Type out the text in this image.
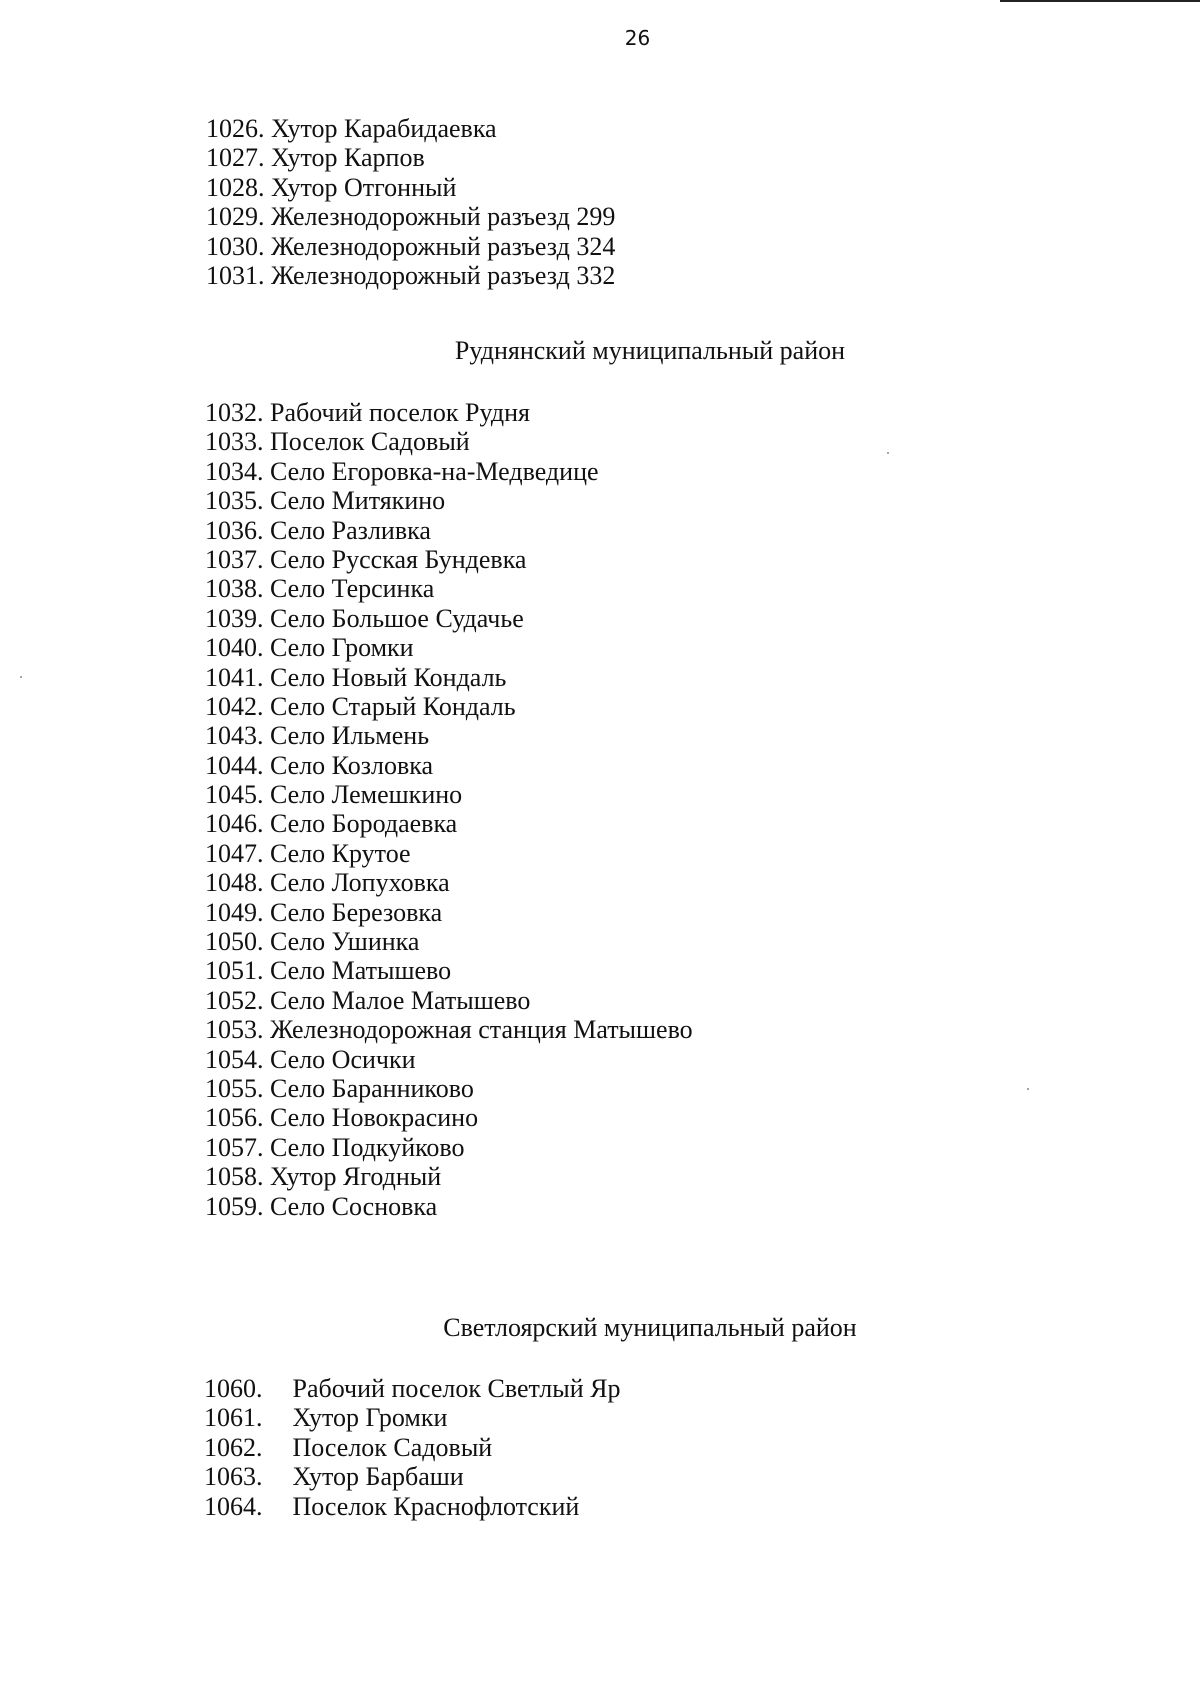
26
1026. Хутор Карабидаевка
1027. Хутор Карпов
1028. Хутор Отгонный
1029. Железнодорожный разъезд 299
1030. Железнодорожный разъезд 324
1031. Железнодорожный разъезд 332
Руднянский муниципальный район
1032. Рабочий поселок Рудня
1033. Поселок Садовый
1034. Село Егоровка-на-Медведице
1035. Село Митякино
1036. Село Разливка
1037. Село Русская Бундевка
1038. Село Терсинка
1039. Село Большое Судачье
1040. Село Громки
1041. Село Новый Кондаль
1042. Село Старый Кондаль
1043. Село Ильмень
1044. Село Козловка
1045. Село Лемешкино
1046. Село Бородаевка
1047. Село Крутое
1048. Село Лопуховка
1049. Село Березовка
1050. Село Ушинка
1051. Село Матышево
1052. Село Малое Матышево
1053. Железнодорожная станция Матышево
1054. Село Осички
1055. Село Баранниково
1056. Село Новокрасино
1057. Село Подкуйково
1058. Хутор Ягодный
1059. Село Сосновка
Светлоярский муниципальный район
1060. Рабочий поселок Светлый Яр
1061. Хутор Громки
1062. Поселок Садовый
1063. Хутор Барбаши
1064. Поселок Краснофлотский
